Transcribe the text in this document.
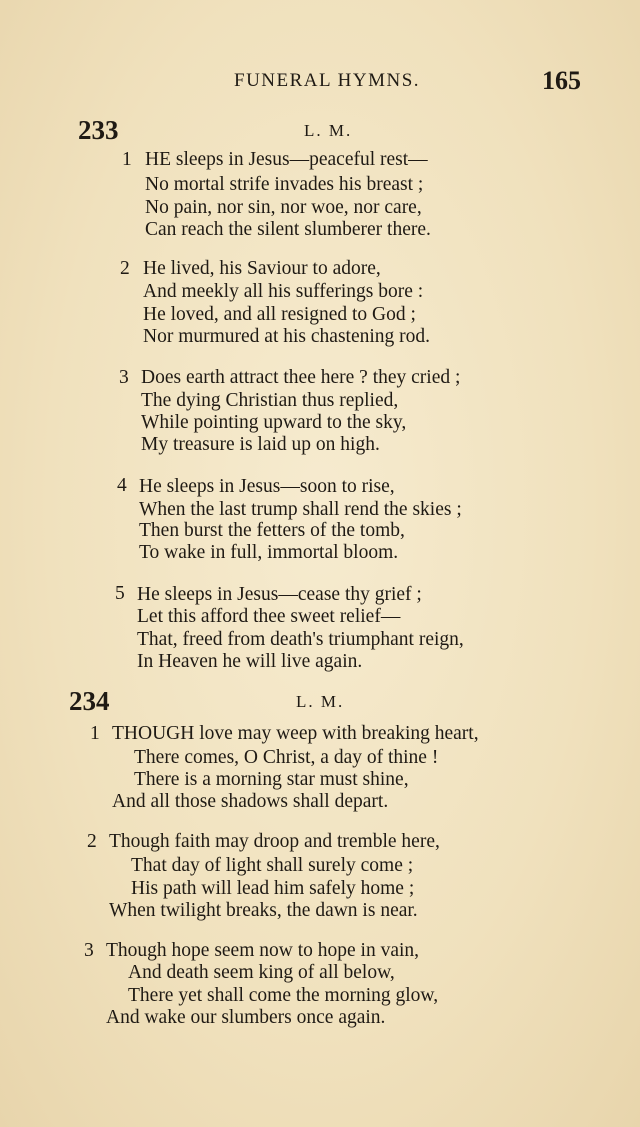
FUNERAL HYMNS.	165
233	L. M.
1 HE sleeps in Jesus—peaceful rest—
No mortal strife invades his breast ;
No pain, nor sin, nor woe, nor care,
Can reach the silent slumberer there.
2 He lived, his Saviour to adore,
And meekly all his sufferings bore :
He loved, and all resigned to God ;
Nor murmured at his chastening rod.
3 Does earth attract thee here ? they cried ;
The dying Christian thus replied,
While pointing upward to the sky,
My treasure is laid up on high.
4 He sleeps in Jesus—soon to rise,
When the last trump shall rend the skies ;
Then burst the fetters of the tomb,
To wake in full, immortal bloom.
5 He sleeps in Jesus—cease thy grief ;
Let this afford thee sweet relief—
That, freed from death's triumphant reign,
In Heaven he will live again.
234	L. M.
1 THOUGH love may weep with breaking heart,
There comes, O Christ, a day of thine !
There is a morning star must shine,
And all those shadows shall depart.
2 Though faith may droop and tremble here,
That day of light shall surely come ;
His path will lead him safely home ;
When twilight breaks, the dawn is near.
3 Though hope seem now to hope in vain,
And death seem king of all below,
There yet shall come the morning glow,
And wake our slumbers once again.
